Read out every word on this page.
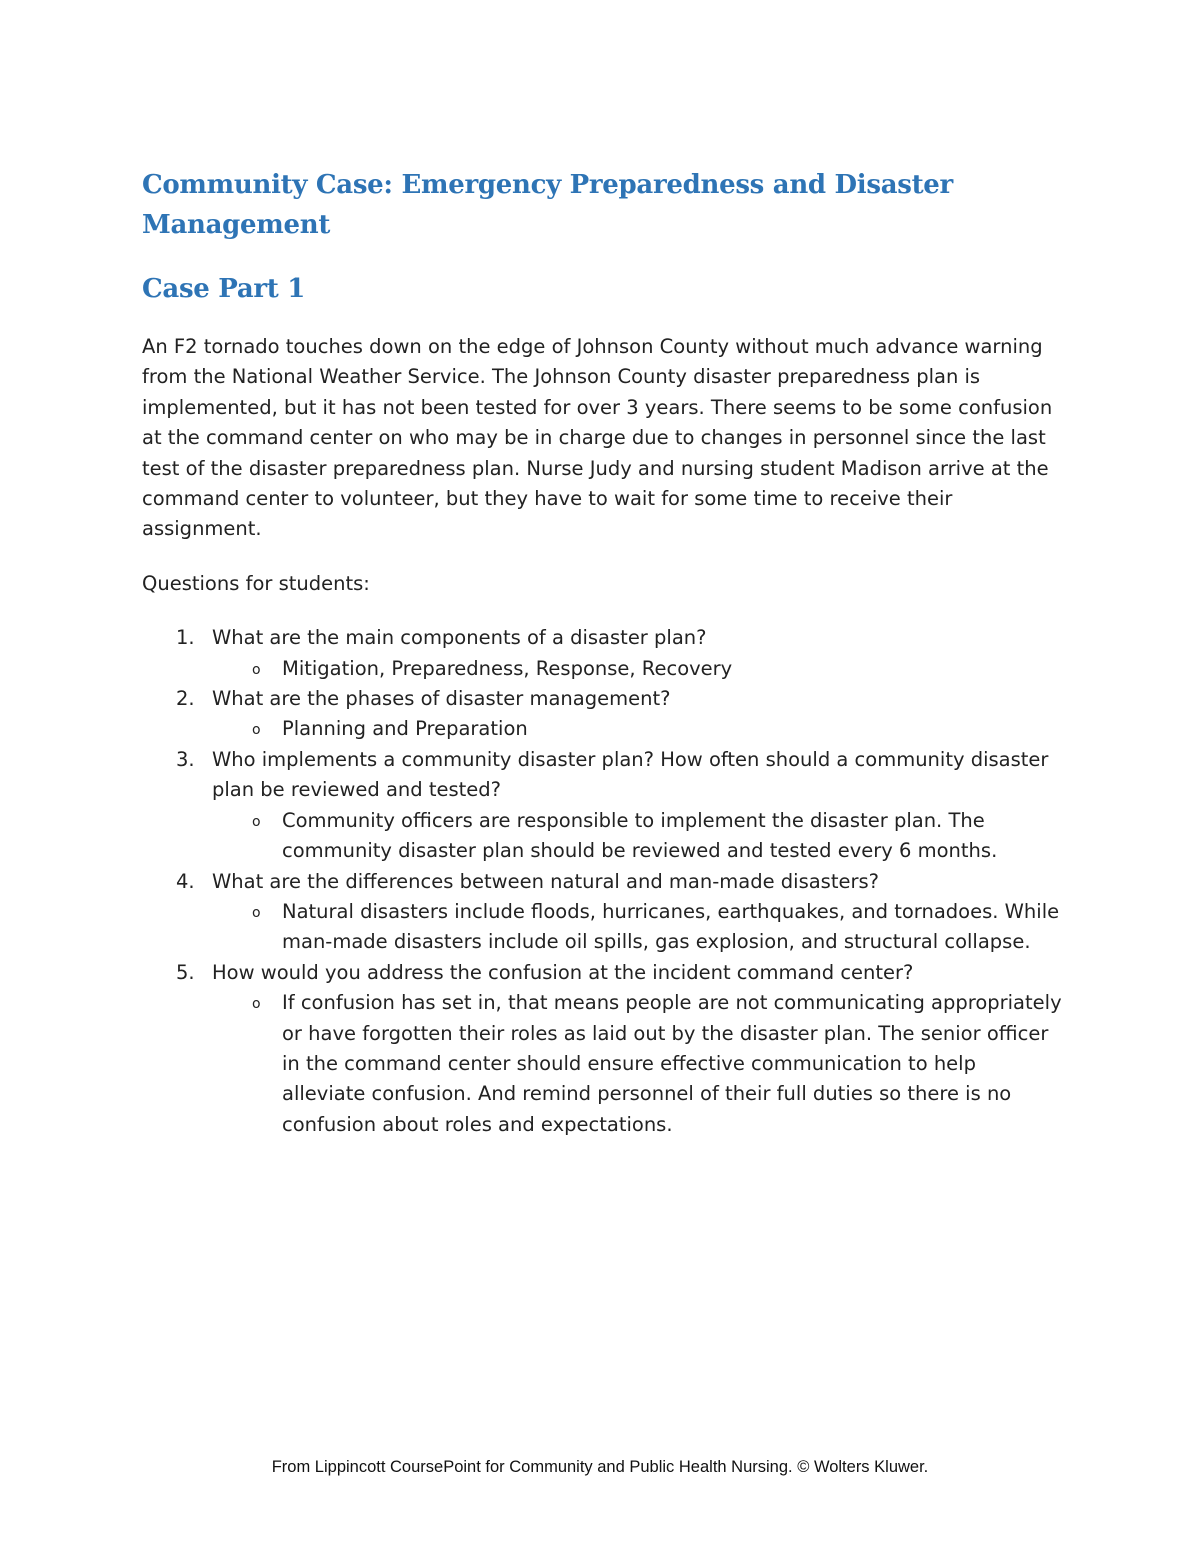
Community Case: Emergency Preparedness and Disaster Management
Case Part 1

An F2 tornado touches down on the edge of Johnson County without much advance warning from the National Weather Service. The Johnson County disaster preparedness plan is implemented, but it has not been tested for over 3 years. There seems to be some confusion at the command center on who may be in charge due to changes in personnel since the last test of the disaster preparedness plan. Nurse Judy and nursing student Madison arrive at the command center to volunteer, but they have to wait for some time to receive their assignment.

Questions for students:

1. What are the main components of a disaster plan?
o Mitigation, Preparedness, Response, Recovery
2. What are the phases of disaster management?
o Planning and Preparation
3. Who implements a community disaster plan? How often should a community disaster plan be reviewed and tested?
o Community officers are responsible to implement the disaster plan. The community disaster plan should be reviewed and tested every 6 months.
4. What are the differences between natural and man-made disasters?
o Natural disasters include floods, hurricanes, earthquakes, and tornadoes. While man-made disasters include oil spills, gas explosion, and structural collapse.
5. How would you address the confusion at the incident command center?
o If confusion has set in, that means people are not communicating appropriately or have forgotten their roles as laid out by the disaster plan. The senior officer in the command center should ensure effective communication to help alleviate confusion. And remind personnel of their full duties so there is no confusion about roles and expectations.
From Lippincott CoursePoint for Community and Public Health Nursing. © Wolters Kluwer.
